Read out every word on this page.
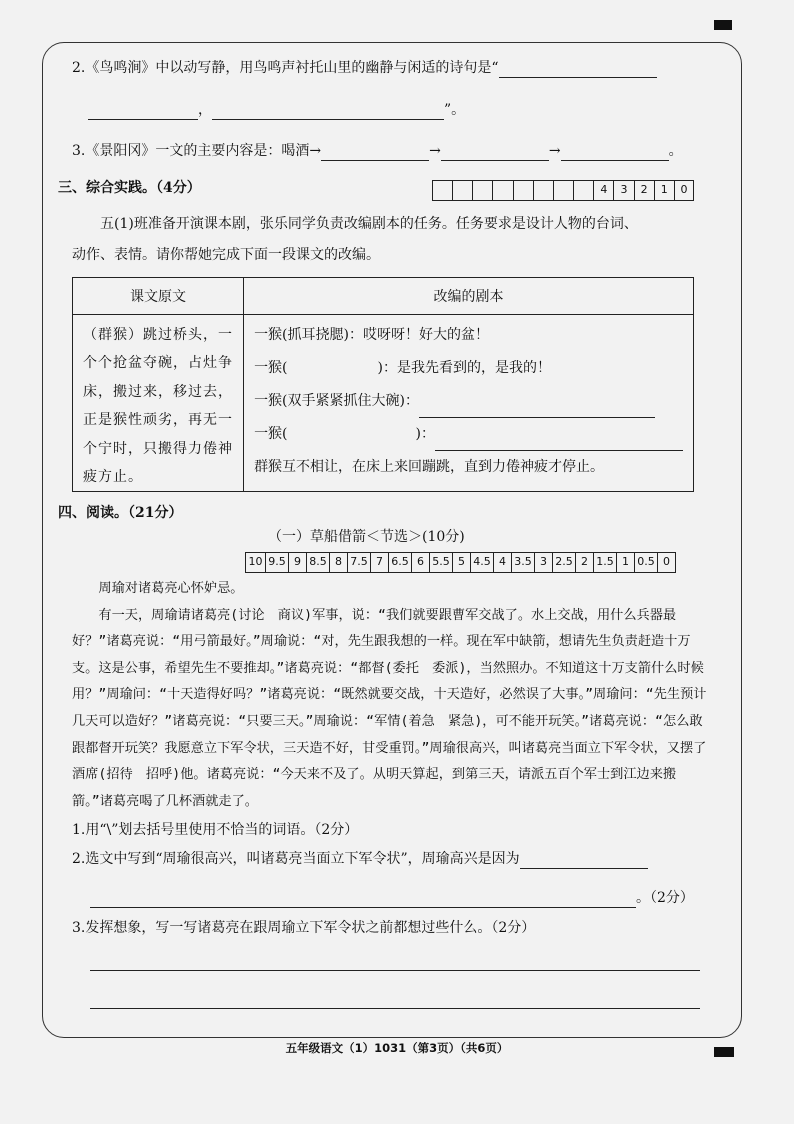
2.《鸟鸣涧》中以动写静，用鸟鸣声衬托山里的幽静与闲适的诗句是“
，	”。
3.《景阳冈》一文的主要内容是：喝酒→	→	→	。
三、综合实践。（4分）	4	3	2	1	0
五(1)班准备开演课本剧，张乐同学负责改编剧本的任务。任务要求是设计人物的台词、
动作、表情。请你帮她完成下面一段课文的改编。
课文原文	改编的剧本
（群猴）跳过桥头，一个个抢盆夺碗，占灶争床，搬过来，移过去，正是猴性顽劣，再无一个宁时，只搬得力倦神疲方止。	一猴(抓耳挠腮)：哎呀呀！好大的盆！
一猴( )：是我先看到的，是我的！
一猴(双手紧紧抓住大碗)：
一猴( )：
群猴互不相让，在床上来回蹦跳，直到力倦神疲才停止。
四、阅读。（21分）
（一）草船借箭＜节选＞(10分)
10 9.5 9 8.5 8 7.5 7 6.5 6 5.5 5 4.5 4 3.5 3 2.5 2 1.5 1 0.5 0

周瑜对诸葛亮心怀妒忌。

有一天，周瑜请诸葛亮(讨论　商议)军事，说：“我们就要跟曹军交战了。水上交战，用什么兵器最好？”诸葛亮说：“用弓箭最好。”周瑜说：“对，先生跟我想的一样。现在军中缺箭，想请先生负责赶造十万支。这是公事，希望先生不要推却。”诸葛亮说：“都督(委托　委派)，当然照办。不知道这十万支箭什么时候用？”周瑜问：“十天造得好吗？”诸葛亮说：“既然就要交战，十天造好，必然误了大事。”周瑜问：“先生预计几天可以造好？”诸葛亮说：“只要三天。”周瑜说：“军情(着急　紧急)，可不能开玩笑。”诸葛亮说：“怎么敢跟都督开玩笑？我愿意立下军令状，三天造不好，甘受重罚。”周瑜很高兴，叫诸葛亮当面立下军令状，又摆了酒席(招待　招呼)他。诸葛亮说：“今天来不及了。从明天算起，到第三天，请派五百个军士到江边来搬箭。”诸葛亮喝了几杯酒就走了。

1.用“\”划去括号里使用不恰当的词语。（2分）
2.选文中写到“周瑜很高兴，叫诸葛亮当面立下军令状”，周瑜高兴是因为
。（2分）
3.发挥想象，写一写诸葛亮在跟周瑜立下军令状之前都想过些什么。（2分）
五年级语文（1）1031（第3页）（共6页）
